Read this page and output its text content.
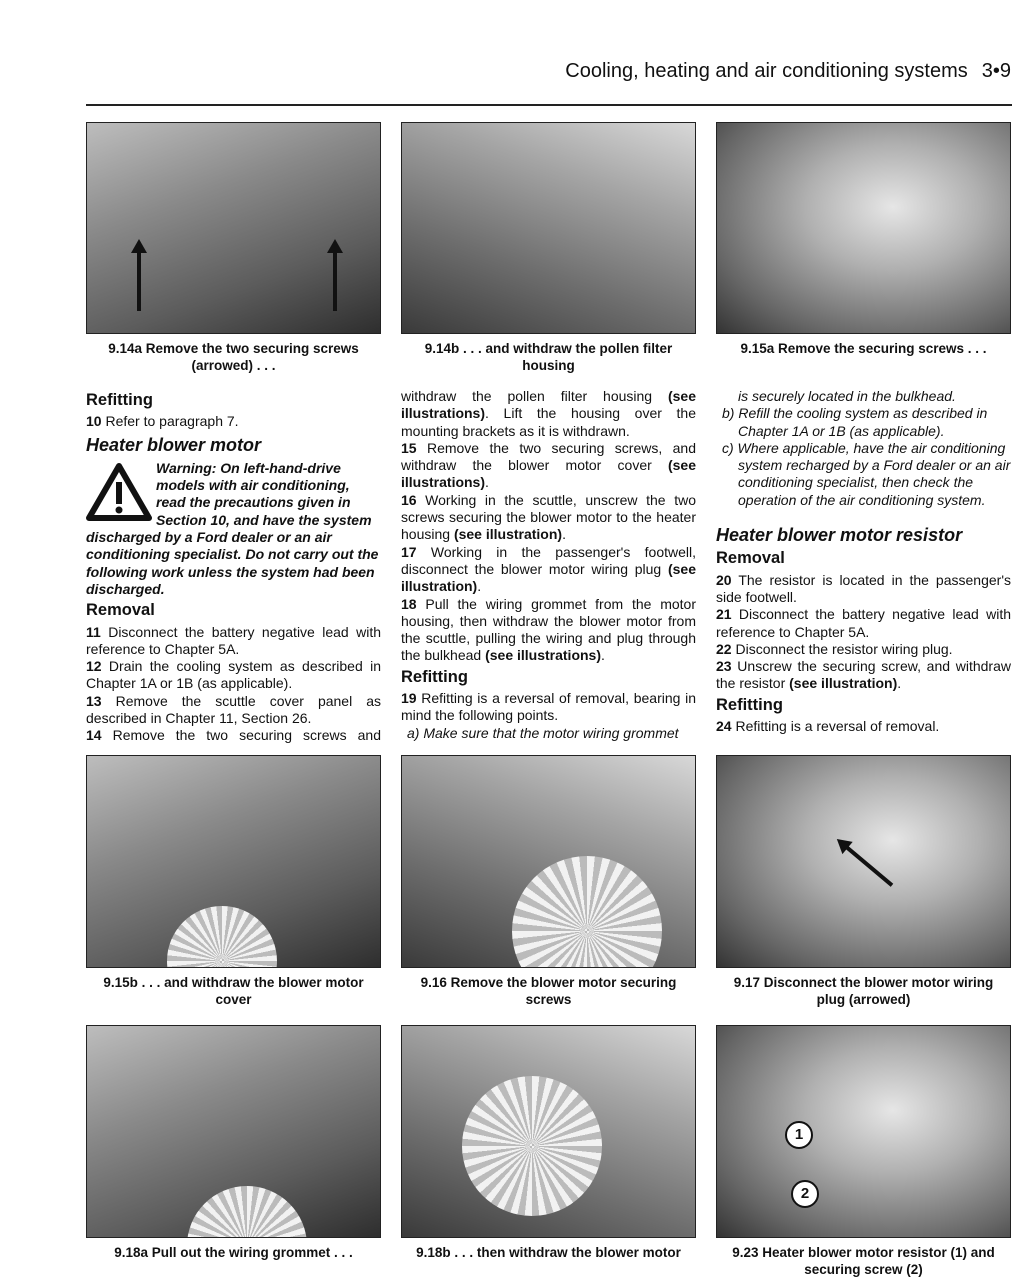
Cooling, heating and air conditioning systems 3•9
9.14a Remove the two securing screws
(arrowed) . . .
9.14b . . . and withdraw the pollen filter
housing
9.15a Remove the securing screws . . .
Refitting

10 Refer to paragraph 7.

Heater blower motor
Warning: On left-hand-drive models with air conditioning, read the precautions given in Section 10, and have the system discharged by a Ford dealer or an air conditioning specialist. Do not carry out the following work unless the system had been discharged.
Removal

11 Disconnect the battery negative lead with reference to Chapter 5A.

12 Drain the cooling system as described in Chapter 1A or 1B (as applicable).

13 Remove the scuttle cover panel as described in Chapter 11, Section 26.

14 Remove the two securing screws and

withdraw the pollen filter housing (see illustrations). Lift the housing over the mounting brackets as it is withdrawn.

15 Remove the two securing screws, and withdraw the blower motor cover (see illustrations).

16 Working in the scuttle, unscrew the two screws securing the blower motor to the heater housing (see illustration).

17 Working in the passenger's footwell, disconnect the blower motor wiring plug (see illustration).

18 Pull the wiring grommet from the motor housing, then withdraw the blower motor from the scuttle, pulling the wiring and plug through the bulkhead (see illustrations).

Refitting

19 Refitting is a reversal of removal, bearing in mind the following points.

a) Make sure that the motor wiring grommet

is securely located in the bulkhead.

b) Refill the cooling system as described in Chapter 1A or 1B (as applicable).

c) Where applicable, have the air conditioning system recharged by a Ford dealer or an air conditioning specialist, then check the operation of the air conditioning system.

Heater blower motor resistor
Removal

20 The resistor is located in the passenger's side footwell.

21 Disconnect the battery negative lead with reference to Chapter 5A.

22 Disconnect the resistor wiring plug.

23 Unscrew the securing screw, and withdraw the resistor (see illustration).

Refitting

24 Refitting is a reversal of removal.

9.15b . . . and withdraw the blower motor
cover
9.16 Remove the blower motor securing
screws
9.17 Disconnect the blower motor wiring
plug (arrowed)
1
2
9.18a Pull out the wiring grommet . . .	9.18b . . . then withdraw the blower motor	9.23 Heater blower motor resistor (1) and
securing screw (2)
